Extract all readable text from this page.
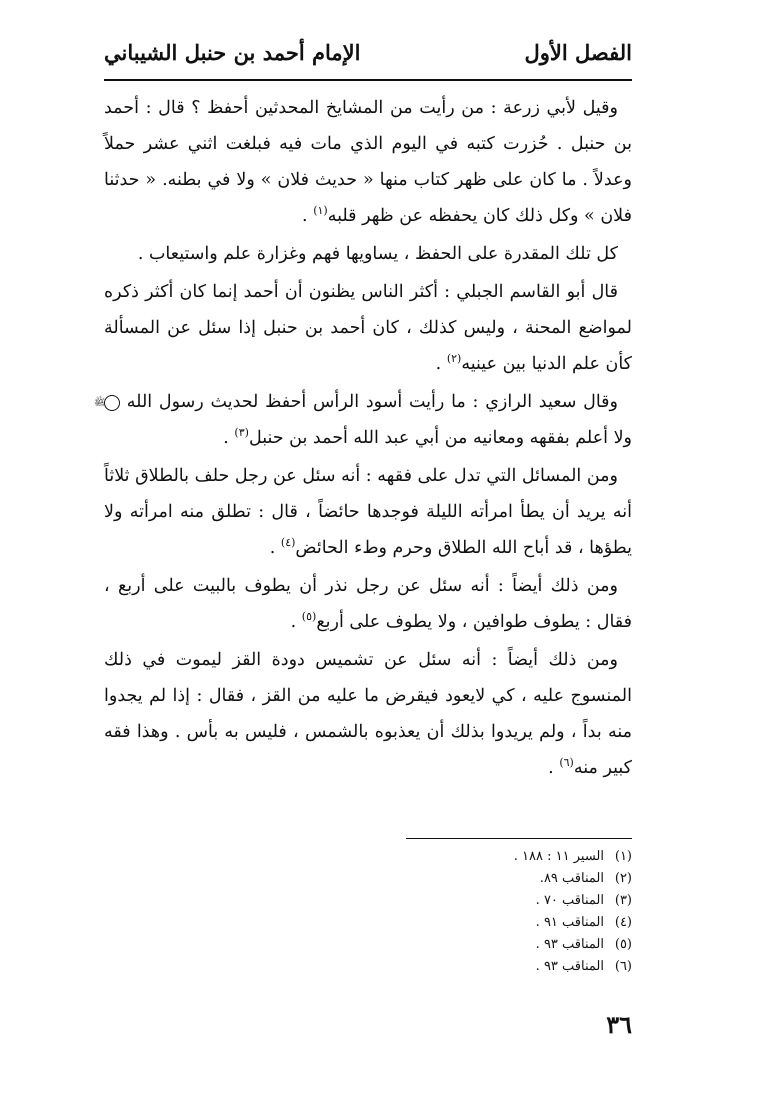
الفصل الأول
الإمام أحمد بن حنبل الشيباني

وقيل لأبي زرعة : من رأيت من المشايخ المحدثين أحفظ ؟ قال : أحمد بن حنبل . حُزرت كتبه في اليوم الذي مات فيه فبلغت اثني عشر حملاً وعدلاً . ما كان على ظهر كتاب منها « حديث فلان » ولا في بطنه. « حدثنا فلان » وكل ذلك كان يحفظه عن ظهر قلبه$^{(١)}$ .

كل تلك المقدرة على الحفظ ، يساويها فهم وغزارة علم واستيعاب .

قال أبو القاسم الجبلي : أكثر الناس يظنون أن أحمد إنما كان أكثر ذكره لمواضع المحنة ، وليس كذلك ، كان أحمد بن حنبل إذا سئل عن المسألة كأن علم الدنيا بين عينيه$^{(٢)}$ .

وقال سعيد الرازي : ما رأيت أسود الرأس أحفظ لحديث رسول الله ﷺ ولا أعلم بفقهه ومعانيه من أبي عبد الله أحمد بن حنبل$^{(٣)}$ .

ومن المسائل التي تدل على فقهه : أنه سئل عن رجل حلف بالطلاق ثلاثاً أنه يريد أن يطأ امرأته الليلة فوجدها حائضاً ، قال : تطلق منه امرأته ولا يطؤها ، قد أباح الله الطلاق وحرم وطء الحائض$^{(٤)}$ .

ومن ذلك أيضاً : أنه سئل عن رجل نذر أن يطوف بالبيت على أربع ، فقال : يطوف طوافين ، ولا يطوف على أربع$^{(٥)}$ .

ومن ذلك أيضاً : أنه سئل عن تشميس دودة القز ليموت في ذلك المنسوج عليه ، كي لايعود فيقرض ما عليه من القز ، فقال : إذا لم يجدوا منه بداً ، ولم يريدوا بذلك أن يعذبوه بالشمس ، فليس به بأس . وهذا فقه كبير منه$^{(٦)}$ .

(١)السير ١١ : ١٨٨ .
(٢)المناقب ٨٩.
(٣)المناقب ٧٠ .
(٤)المناقب ٩١ .
(٥)المناقب ٩٣ .
(٦)المناقب ٩٣ .
٣٦
